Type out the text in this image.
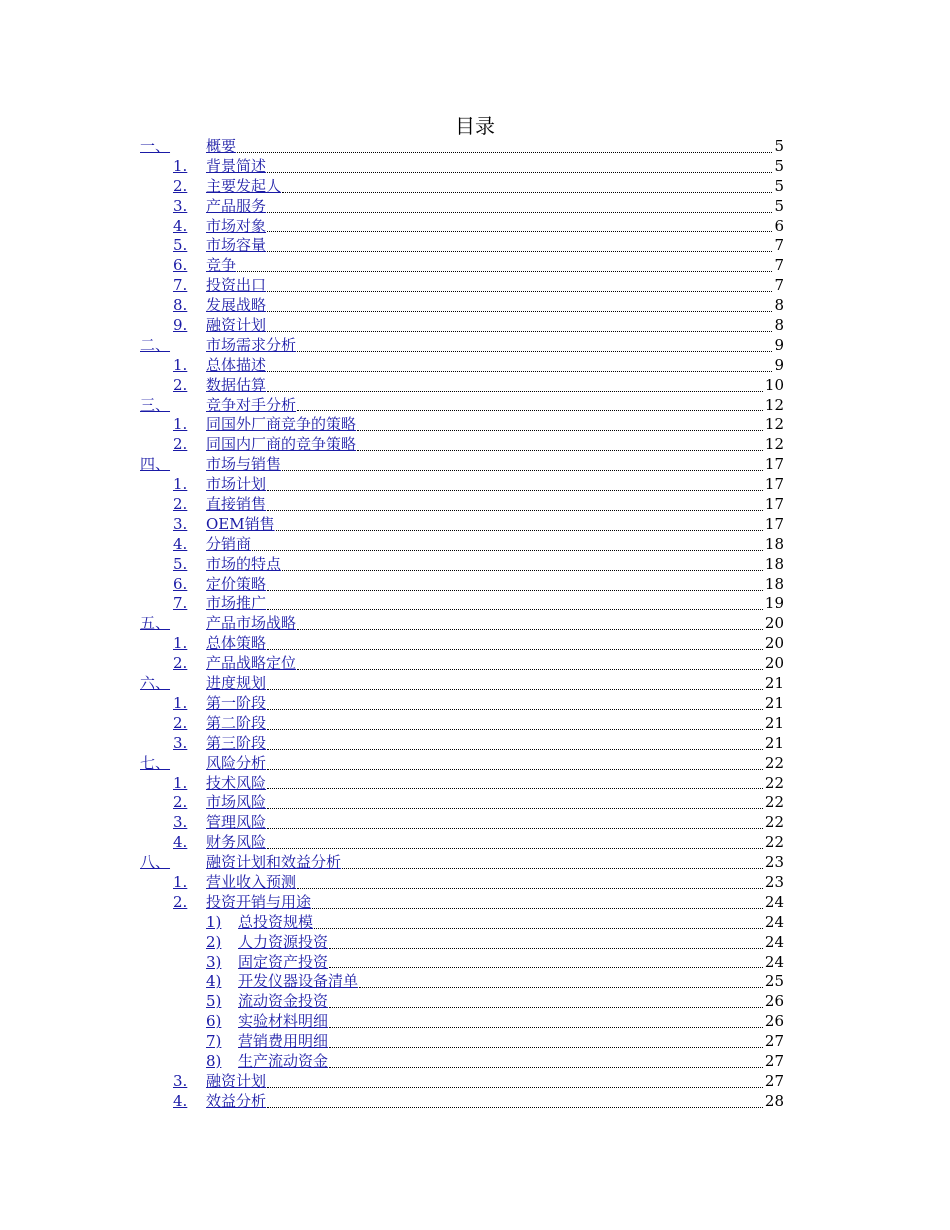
目录
一、 概要	5
1. 背景简述	5
2. 主要发起人	5
3. 产品服务	5
4. 市场对象	6
5. 市场容量	7
6. 竞争	7
7. 投资出口	7
8. 发展战略	8
9. 融资计划	8
二、 市场需求分析	9
1. 总体描述	9
2. 数据估算	10
三、 竞争对手分析	12
1. 同国外厂商竞争的策略	12
2. 同国内厂商的竞争策略	12
四、 市场与销售	17
1. 市场计划	17
2. 直接销售	17
3. OEM销售	17
4. 分销商	18
5. 市场的特点	18
6. 定价策略	18
7. 市场推广	19
五、 产品市场战略	20
1. 总体策略	20
2. 产品战略定位	20
六、 进度规划	21
1. 第一阶段	21
2. 第二阶段	21
3. 第三阶段	21
七、 风险分析	22
1. 技术风险	22
2. 市场风险	22
3. 管理风险	22
4. 财务风险	22
八、 融资计划和效益分析	23
1. 营业收入预测	23
2. 投资开销与用途	24
1) 总投资规模	24
2) 人力资源投资	24
3) 固定资产投资	24
4) 开发仪器设备清单	25
5) 流动资金投资	26
6) 实验材料明细	26
7) 营销费用明细	27
8) 生产流动资金	27
3. 融资计划	27
4. 效益分析	28
